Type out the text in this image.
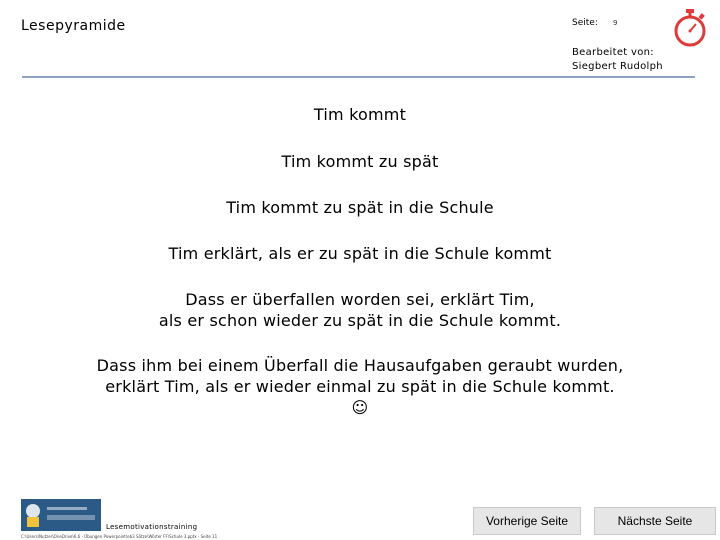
Lesepyramide	Seite: 9
Bearbeitet von:
Siegbert Rudolph
Tim kommt
Tim kommt zu spät
Tim kommt zu spät in die Schule
Tim erklärt, als er zu spät in die Schule kommt
Dass er überfallen worden sei, erklärt Tim,
als er schon wieder zu spät in die Schule kommt.
Dass ihm bei einem Überfall die Hausaufgaben geraubt wurden,
erklärt Tim, als er wieder einmal zu spät in die Schule kommt.
☺
Lesemotivationstraining
C:\Users\Nutzer\OneDrive\6.6 - Übungen Powerpoint\eb3 Sätze\Wörter FF\Schule 3.pptx - Seite 11
Vorherige Seite	Nächste Seite
